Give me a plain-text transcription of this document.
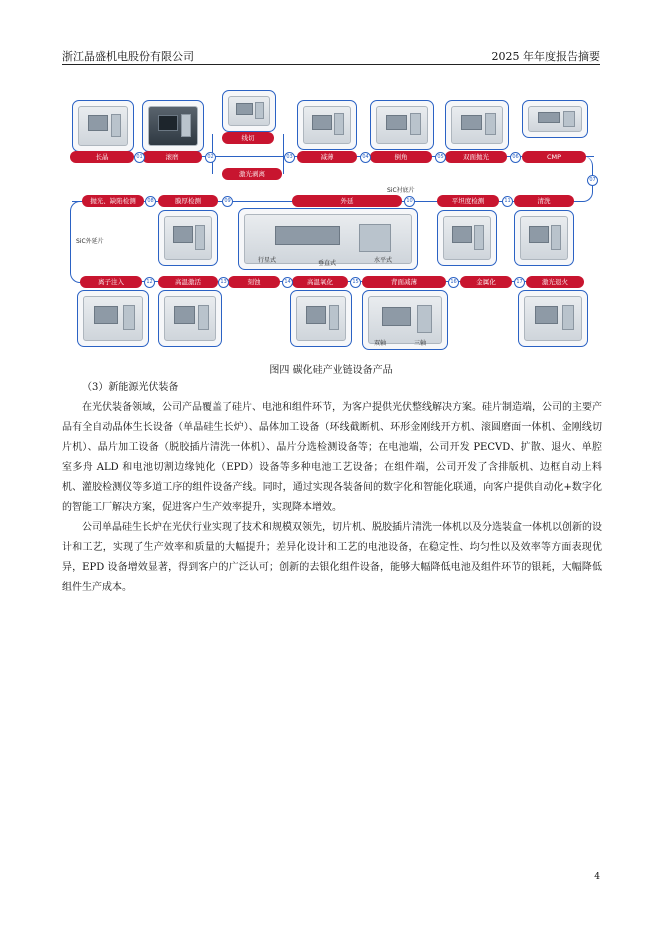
浙江晶盛机电股份有限公司	2025 年年度报告摘要
长晶	滚磨
线切
激光剥离
减薄	倒角	双面抛光	CMP
01	02	03	04	05	06
07
SiC衬底片
SiC外延片
抛光、缺陷检测	膜厚检测	外延	平坦度检测	清洗
08	09	10	11
行星式	垂直式	水平式
离子注入	高温激活	刻蚀	高温氧化	背面减薄	金属化	激光退火
12	13	14	15	16	17
双轴	三轴
图四 碳化硅产业链设备产品

（3）新能源光伏装备

在光伏装备领域，公司产品覆盖了硅片、电池和组件环节，为客户提供光伏整线解决方案。硅片制造端，公司的主要产品有全自动晶体生长设备（单晶硅生长炉）、晶体加工设备（环线截断机、环形金刚线开方机、滚圆磨面一体机、金刚线切片机）、晶片加工设备（脱胶插片清洗一体机）、晶片分选检测设备等；在电池端，公司开发 PECVD、扩散、退火、单腔室多舟 ALD 和电池切割边缘钝化（EPD）设备等多种电池工艺设备；在组件端，公司开发了含排版机、边框自动上料机、灌胶检测仪等多道工序的组件设备产线。同时，通过实现各装备间的数字化和智能化联通，向客户提供自动化+数字化的智能工厂解决方案，促进客户生产效率提升，实现降本增效。

公司单晶硅生长炉在光伏行业实现了技术和规模双领先，切片机、脱胶插片清洗一体机以及分选装盒一体机以创新的设计和工艺，实现了生产效率和质量的大幅提升；差异化设计和工艺的电池设备，在稳定性、均匀性以及效率等方面表现优异，EPD 设备增效显著，得到客户的广泛认可；创新的去银化组件设备，能够大幅降低电池及组件环节的银耗，大幅降低组件生产成本。

4
